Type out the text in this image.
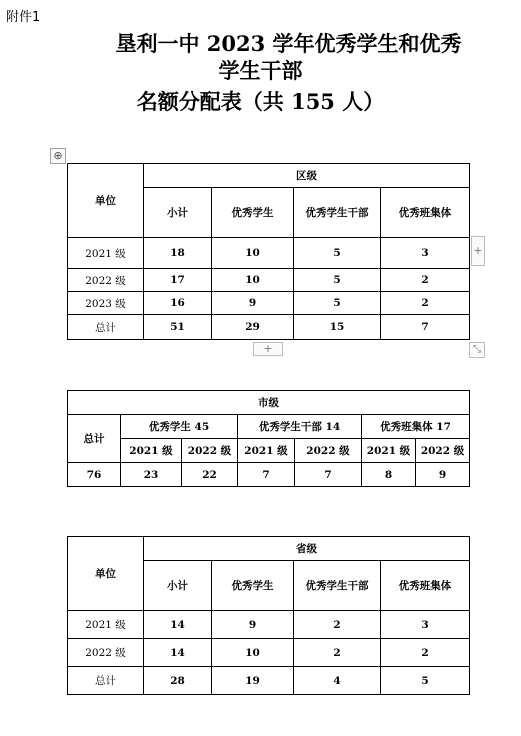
附件1
垦利一中 2023 学年优秀学生和优秀
学生干部
名额分配表（共 155 人）
⊕
单位	区级			
	小计	优秀学生	优秀学生干部	优秀班集体
2021 级	18	10	5	3
2022 级	17	10	5	2
2023 级	16	9	5	2
总计	51	29	15	7
+
+	⤡
市级						
总计	优秀学生 45		优秀学生干部 14		优秀班集体 17	
	2021 级	2022 级	2021 级	2022 级	2021 级	2022 级
76	23	22	7	7	8	9
单位	省级			
	小计	优秀学生	优秀学生干部	优秀班集体
2021 级	14	9	2	3
2022 级	14	10	2	2
总计	28	19	4	5
